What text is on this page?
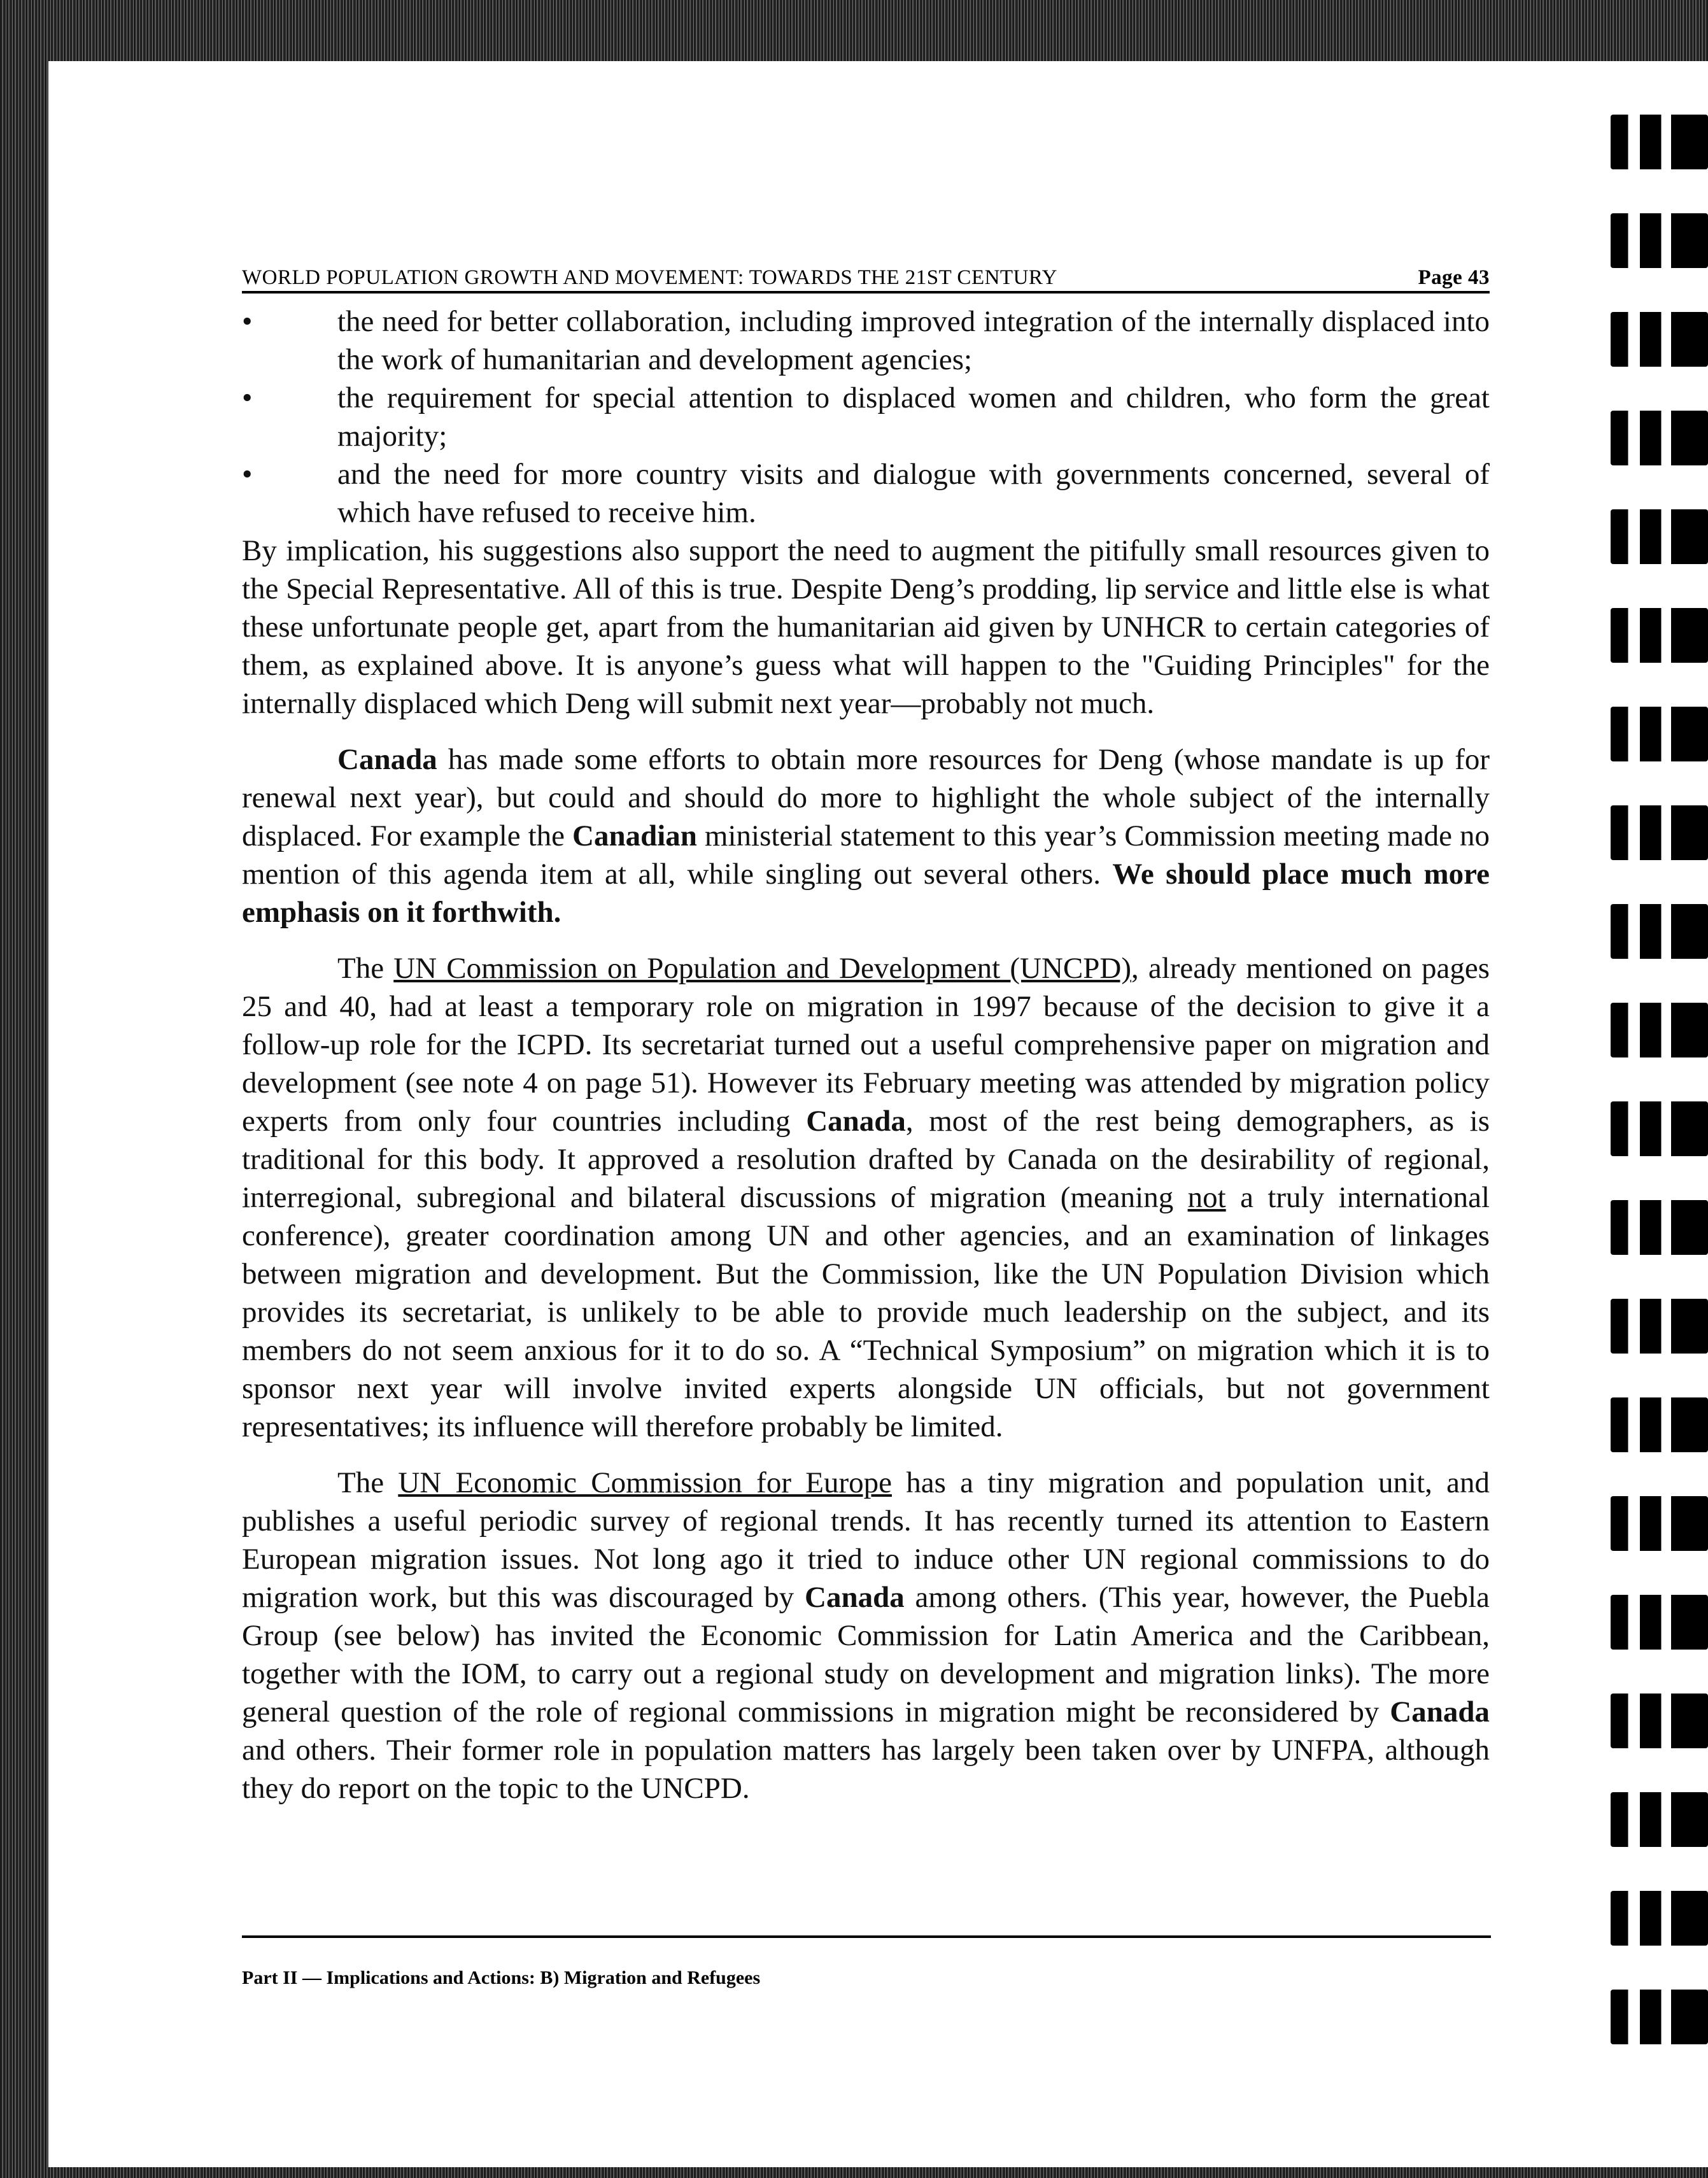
WORLD POPULATION GROWTH AND MOVEMENT: TOWARDS THE 21ST CENTURY	Page 43
•	the need for better collaboration, including improved integration of the internally displaced into the work of humanitarian and development agencies;
•	the requirement for special attention to displaced women and children, who form the great majority;
•	and the need for more country visits and dialogue with governments concerned, several of which have refused to receive him.

By implication, his suggestions also support the need to augment the pitifully small resources given to the Special Representative. All of this is true. Despite Deng’s prodding, lip service and little else is what these unfortunate people get, apart from the humanitarian aid given by UNHCR to certain categories of them, as explained above. It is anyone’s guess what will happen to the "Guiding Principles" for the internally displaced which Deng will submit next year—probably not much.

Canada has made some efforts to obtain more resources for Deng (whose mandate is up for renewal next year), but could and should do more to highlight the whole subject of the internally displaced. For example the Canadian ministerial statement to this year’s Commission meeting made no mention of this agenda item at all, while singling out several others. We should place much more emphasis on it forthwith.

The UN Commission on Population and Development (UNCPD), already mentioned on pages 25 and 40, had at least a temporary role on migration in 1997 because of the decision to give it a follow-up role for the ICPD. Its secretariat turned out a useful comprehensive paper on migration and development (see note 4 on page 51). However its February meeting was attended by migration policy experts from only four countries including Canada, most of the rest being demographers, as is traditional for this body. It approved a resolution drafted by Canada on the desirability of regional, interregional, subregional and bilateral discussions of migration (meaning not a truly international conference), greater coordination among UN and other agencies, and an examination of linkages between migration and development. But the Commission, like the UN Population Division which provides its secretariat, is unlikely to be able to provide much leadership on the subject, and its members do not seem anxious for it to do so. A “Technical Symposium” on migration which it is to sponsor next year will involve invited experts alongside UN officials, but not government representatives; its influence will therefore probably be limited.

The UN Economic Commission for Europe has a tiny migration and population unit, and publishes a useful periodic survey of regional trends. It has recently turned its attention to Eastern European migration issues. Not long ago it tried to induce other UN regional commissions to do migration work, but this was discouraged by Canada among others. (This year, however, the Puebla Group (see below) has invited the Economic Commission for Latin America and the Caribbean, together with the IOM, to carry out a regional study on development and migration links). The more general question of the role of regional commissions in migration might be reconsidered by Canada and others. Their former role in population matters has largely been taken over by UNFPA, although they do report on the topic to the UNCPD.

Part II — Implications and Actions: B) Migration and Refugees
